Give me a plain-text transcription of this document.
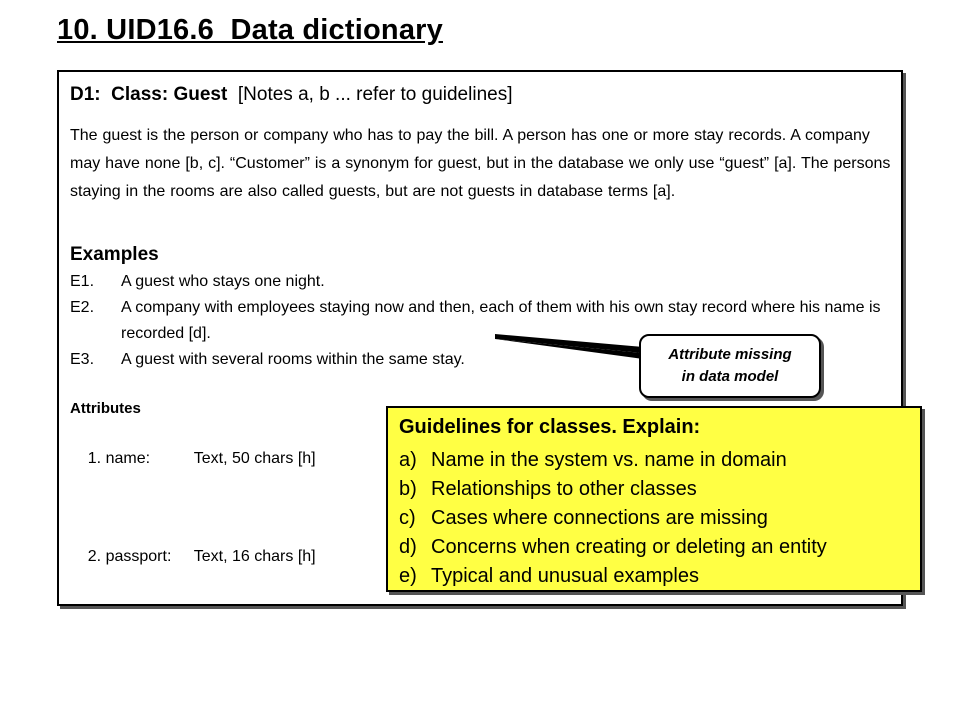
10. UID16.6  Data dictionary
D1:  Class: Guest  [Notes a, b ... refer to guidelines]
The guest is the person or company who has to pay the bill. A person has one or more stay records. A company may have none [b, c]. “Customer” is a synonym for guest, but in the database we only use “guest” [a]. The persons staying in the rooms are also called guests, but are not guests in database terms [a].
Examples
E1.	A guest who stays one night.
E2.	A company with employees staying now and then, each of them with his own stay record where his name is recorded [d].
E3.	A guest with several rooms within the same stay.
Attributes

1. name:	Text, 50 chars [h]

2. passport: Text, 16 chars [h]

Attribute missing
in data model
Guidelines for classes. Explain:
a) Name in the system vs. name in domain
b) Relationships to other classes
c) Cases where connections are missing
d) Concerns when creating or deleting an entity
e) Typical and unusual examples
